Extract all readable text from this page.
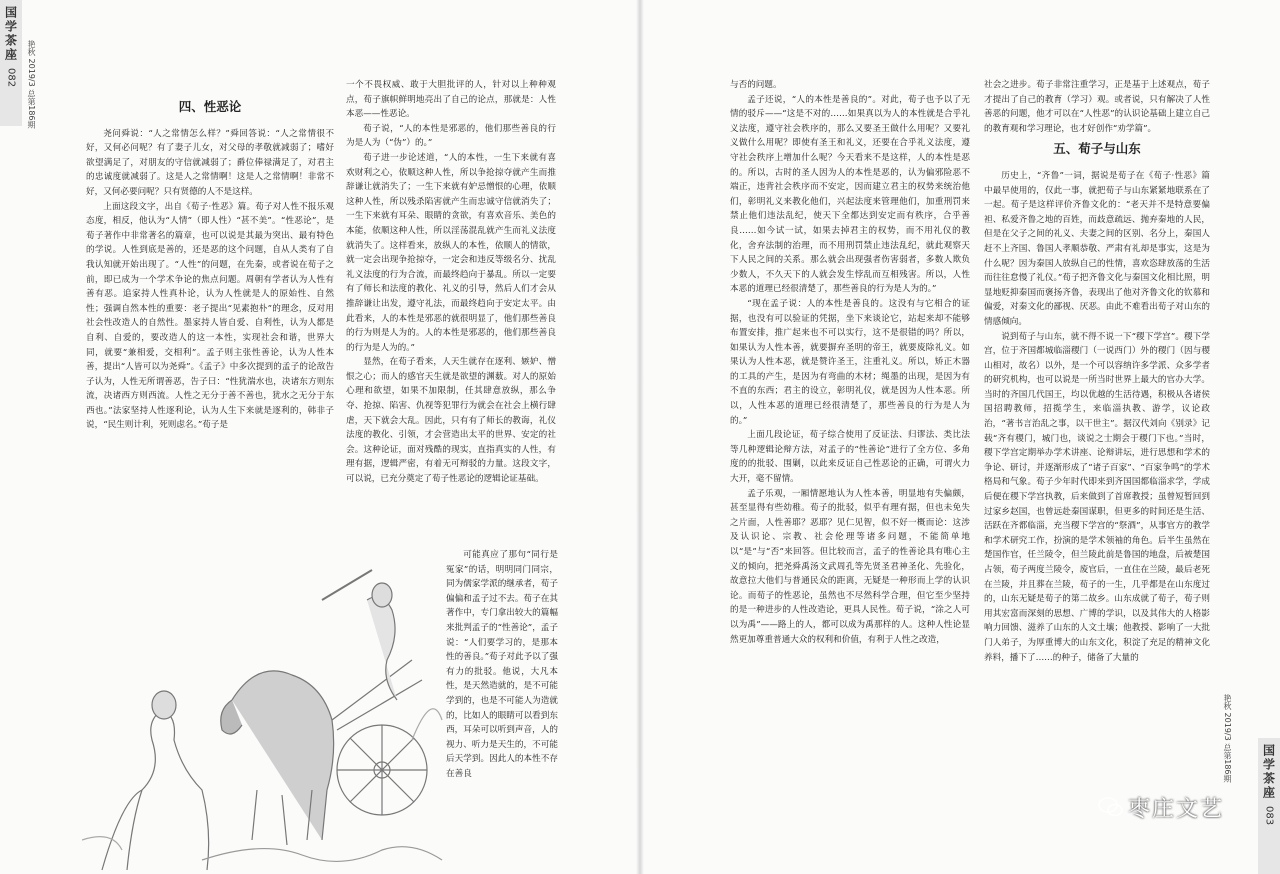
国学茶座
082 艳秋 2019/3 总第186期
国学茶座
083
艳秋 2019/3 总第186期
四、性恶论

尧问舜说：“人之常情怎么样？”舜回答说：“人之常情很不好，又何必问呢？有了妻子儿女，对父母的孝敬就减弱了；嗜好欲望满足了，对朋友的守信就减弱了；爵位俸禄满足了，对君主的忠诚度就减弱了。这是人之常情啊！这是人之常情啊！非常不好，又何必要问呢？只有贤德的人不是这样。

上面这段文字，出自《荀子·性恶》篇。荀子对人性不报乐观态度，相反，他认为“人情”（即人性）“甚不美”。“性恶论”，是荀子著作中非常著名的篇章，也可以说是其最为突出、最有特色的学说。人性到底是善的，还是恶的这个问题，自从人类有了自我认知就开始出现了。“人性”的问题，在先秦，或者说在荀子之前，即已成为一个学术争论的焦点问题。周朝有学者认为人性有善有恶。追家持人性真朴论，认为人性就是人的原始性、自然性；强调自然本性的重要：老子提出“见素抱朴”的理念，反对用社会性改造人的自然性。墨家持人皆自爱、自利性，认为人都是自利、自爱的，要改造人的这一本性，实现社会和谐，世界大同，就要“兼相爱，交相利”。孟子则主张性善论，认为人性本善，提出“人皆可以为尧舜”。《孟子》中多次提到的孟子的论敌告子认为，人性无所谓善恶，告子曰：“性犹湍水也，决诸东方则东流，决诸西方则西流。人性之无分于善不善也，犹水之无分于东西也。”法家坚持人性逐利论，认为人生下来就是逐利的，韩非子说，“民生则计利，死则虑名。”荀子是

一个不畏权威、敢于大胆批评的人，针对以上种种观点，荀子旗帜鲜明地亮出了自己的论点，那就是：人性本恶——性恶论。

荀子说，“人的本性是邪恶的，他们那些善良的行为是人为（“伪”）的。”

荀子进一步论述道，“人的本性，一生下来就有喜欢财利之心，依顺这种人性，所以争抢掠夺就产生而推辞谦让就消失了；一生下来就有妒忌憎恨的心理，依顺这种人性，所以残杀陷害就产生而忠诚守信就消失了；一生下来就有耳朵、眼睛的贪欲，有喜欢音乐、美色的本能，依顺这种人性，所以淫荡混乱就产生而礼义法度就消失了。这样看来，放纵人的本性，依顺人的情欲，就一定会出现争抢掠夺，一定会和违反等级名分、扰乱礼义法度的行为合流，而最终趋向于暴乱。所以一定要有了师长和法度的教化、礼义的引导，然后人们才会从推辞谦让出发，遵守礼法，而最终趋向于安定太平。由此看来，人的本性是邪恶的就很明显了，他们那些善良的行为则是人为的。人的本性是邪恶的，他们那些善良的行为是人为的。”

显然，在荀子看来，人天生就存在逐利、嫉妒、憎恨之心；而人的感官天生就是欲望的渊薮。对人的原始心理和欲望，如果不加限制，任其肆意放纵，那么争夺、抢掠、陷害、仇视等犯罪行为就会在社会上横行肆虐，天下就会大乱。因此，只有有了师长的教诲，礼仪法度的教化、引领，才会营造出太平的世界、安定的社会。这种论证，面对残酷的现实，直指真实的人性，有理有据，逻辑严密，有着无可辩驳的力量。这段文字，可以说，已充分奠定了荀子性恶论的逻辑论证基础。

可能真应了那句“同行是冤家”的话，明明同门同宗，同为儒家学派的继承者，荀子偏偏和孟子过不去。荀子在其著作中，专门拿出较大的篇幅来批判孟子的“性善论”，孟子说：“人们要学习的，是那本性的善良。”荀子对此予以了强有力的批驳。他说，大凡本性，是天然造就的，是不可能学到的，也是不可能人为造就的，比如人的眼睛可以看到东西，耳朵可以听到声音，人的视力、听力是天生的，不可能后天学到。因此人的本性不存在善良

与否的问题。

孟子还说，“人的本性是善良的”。对此，荀子也予以了无情的驳斥——“这是不对的……如果真以为人的本性就是合乎礼义法度，遵守社会秩序的，那么又要圣王做什么用呢？又要礼义做什么用呢？即使有圣王和礼义，还要在合乎礼义法度，遵守社会秩序上增加什么呢？今天看来不是这样，人的本性是恶的。所以，古时的圣人因为人的本性是恶的，认为偏邪险恶不端正，违背社会秩序而不安定，因而建立君主的权势来统治他们，彰明礼义来教化他们，兴起法度来管理他们，加重刑罚来禁止他们违法乱纪，使天下全都达到安定而有秩序，合乎善良……如今试一试，如果去掉君主的权势，而不用礼仪的教化，舍弃法制的治理，而不用刑罚禁止违法乱纪，就此观察天下人民之间的关系。那么就会出现强者伤害弱者，多数人欺负少数人，不久天下的人就会发生悖乱而互相残害。所以，人性本恶的道理已经很清楚了，那些善良的行为是人为的。”

“现在孟子说：人的本性是善良的。这没有与它相合的证据，也没有可以验证的凭据，坐下来谈论它，站起来却不能够布置安排，推广起来也不可以实行，这不是很错的吗？所以，如果认为人性本善，就要摒弃圣明的帝王，就要废除礼义。如果认为人性本恶，就是赞许圣王，注重礼义。所以，矫正木器的工具的产生，是因为有弯曲的木材；绳墨的出现，是因为有不直的东西；君主的设立，彰明礼仪，就是因为人性本恶。所以，人性本恶的道理已经很清楚了，那些善良的行为是人为的。”

上面几段论证，荀子综合使用了反证法、归谬法、类比法等几种逻辑论辩方法，对孟子的“性善论”进行了全方位、多角度的的批驳、围剿，以此来反证自己性恶论的正确，可谓火力大开，毫不留情。

孟子乐观，一厢情愿地认为人性本善，明显地有失偏颇，甚至显得有些幼稚。荀子的批驳，似乎有理有据，但也未免失之片面，人性善耶？恶耶？见仁见智，似不好一概而论：这涉及认识论、宗教、社会伦理等诸多问题，不能简单地以“是”与“否”来回答。但比较而言，孟子的性善论具有唯心主义的倾向，把尧舜禹汤文武周孔等先贤圣君神圣化、先验化，故意拉大他们与普通民众的距离，无疑是一种形而上学的认识论。而荀子的性恶论，虽然也不尽然科学合理，但它至少坚持的是一种进步的人性改造论，更具人民性。荀子说，“涂之人可以为禹”——路上的人，都可以成为禹那样的人。这种人性论显然更加尊重普通大众的权利和价值，有利于人性之改造，

社会之进步。荀子非常注重学习，正是基于上述观点，荀子才提出了自己的教育（学习）观。或者说，只有解决了人性善恶的问题，他才可以在“人性恶”的认识论基础上建立自己的教育观和学习理论，也才好创作“劝学篇”。

五、荀子与山东

历史上，“齐鲁”一词，据说是荀子在《荀子·性恶》篇中最早使用的，仅此一事，就把荀子与山东紧紧地联系在了一起。荀子是这样评价齐鲁文化的：“老天并不是特意要偏袒、私爱齐鲁之地的百姓，而歧意疏远、抛弃秦地的人民，但是在父子之间的礼义、夫妻之间的区别、名分上，秦国人赶不上齐国、鲁国人孝顺恭敬、严肃有礼却是事实，这是为什么呢？因为秦国人放纵自己的性情，喜欢恣肆放荡的生活而往往怠慢了礼仪。”荀子把齐鲁文化与秦国文化相比照，明显地贬抑秦国而褒扬齐鲁，表现出了他对齐鲁文化的钦慕和偏爱，对秦文化的鄙视、厌恶。由此不难看出荀子对山东的情感倾向。

说到荀子与山东，就不得不说一下“稷下学宫”。稷下学宫，位于齐国都城临淄稷门（一说西门）外的稷门（因与稷山相对，故名）以外，是一个可以容纳许多学派、众多学者的研究机构，也可以说是一所当时世界上最大的官办大学。当时的齐国几代国王，均以优越的生活待遇，积极从各诸侯国招聘教师，招揽学生，来临淄执教、游学，议论政治，“著书言治乱之事，以干世主”。据汉代刘向《别录》记载“齐有稷门，城门也，谈说之士期会于稷门下也。”当时，稷下学宫定期举办学术讲座、论辩讲坛，进行思想和学术的争论、研讨，并逐渐形成了“诸子百家”、“百家争鸣”的学术格局和气象。荀子少年时代即来到齐国国都临淄求学，学成后便在稷下学宫执教，后来做到了首席教授；虽曾短暂回到过家乡赵国，也曾远赴秦国谋职，但更多的时间还是生活、活跃在齐都临淄，充当稷下学宫的“祭酒”，从事官方的教学和学术研究工作，扮演的是学术领袖的角色。后半生虽然在楚国作官，任兰陵令，但兰陵此前是鲁国的地盘，后被楚国占领，荀子两度兰陵令，废官后，一直住在兰陵，最后老死在兰陵，并且葬在兰陵，荀子的一生，几乎都是在山东度过的，山东无疑是荀子的第二故乡。山东成就了荀子，荀子则用其宏富而深刻的思想、广博的学识，以及其伟大的人格影响力回馈、滋养了山东的人文土壤；他教授、影响了一大批门人弟子，为厚重博大的山东文化，积淀了充足的精神文化养料，播下了……的种子，储备了大量的

枣庄文艺
